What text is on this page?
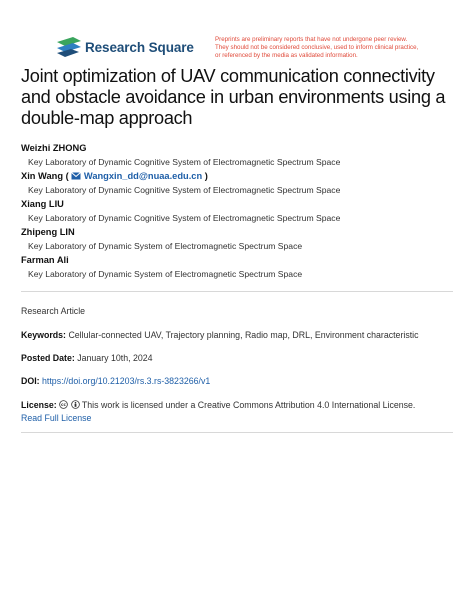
Research Square	Preprints are preliminary reports that have not undergone peer review.
They should not be considered conclusive, used to inform clinical practice,
or referenced by the media as validated information.
Joint optimization of UAV communication connectivity and obstacle avoidance in urban environments using a double-map approach
Weizhi ZHONG
Key Laboratory of Dynamic Cognitive System of Electromagnetic Spectrum Space
Xin Wang ( Wangxin_dd@nuaa.edu.cn )
Key Laboratory of Dynamic Cognitive System of Electromagnetic Spectrum Space
Xiang LIU
Key Laboratory of Dynamic Cognitive System of Electromagnetic Spectrum Space
Zhipeng LIN
Key Laboratory of Dynamic System of Electromagnetic Spectrum Space
Farman Ali
Key Laboratory of Dynamic System of Electromagnetic Spectrum Space
Research Article
Keywords: Cellular-connected UAV, Trajectory planning, Radio map, DRL, Environment characteristic
Posted Date: January 10th, 2024
DOI: https://doi.org/10.21203/rs.3.rs-3823266/v1
License: cc This work is licensed under a Creative Commons Attribution 4.0 International License.
Read Full License
